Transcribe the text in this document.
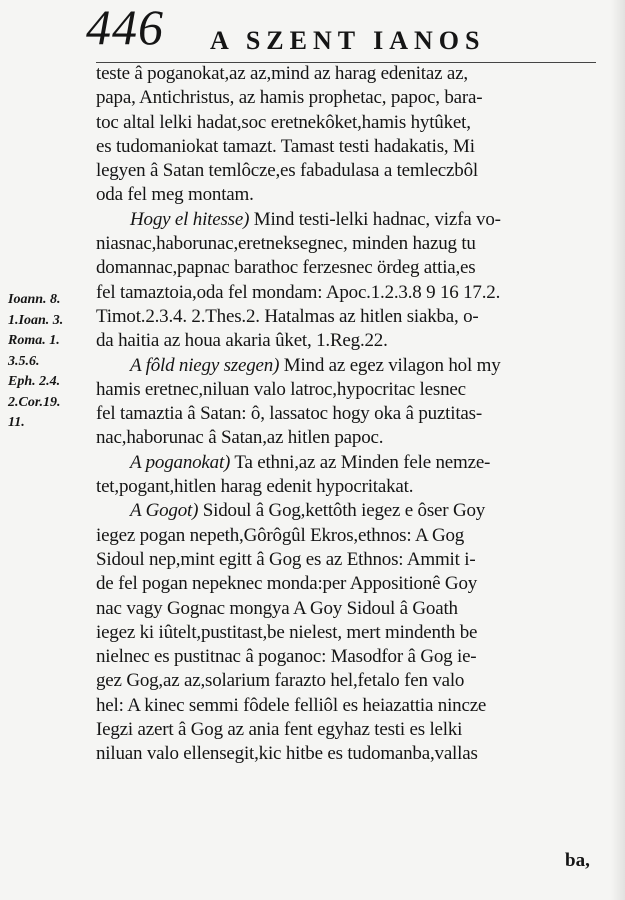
446 A SZENT IANOS
Ioann. 8.
1.Ioan. 3.
Roma. 1.
3.5.6.
Eph. 2.4.
2.Cor.19.
11.
teste â poganokat,az az,mind az harag edenitaz az,
papa, Antichristus, az hamis prophetac, papoc, bara-
toc altal lelki hadat,soc eretnekôket,hamis hytûket,
es tudomaniokat tamazt. Tamast testi hadakatis, Mi
legyen â Satan temlôcze,es fabadulasa a temleczbôl
oda fel meg montam.
Hogy el hitesse) Mind testi-lelki hadnac, vizfa vo-
niasnac,haborunac,eretneksegnec, minden hazug tu
domannac,papnac barathoc ferzesnec ördeg attia,es
fel tamaztoia,oda fel mondam: Apoc.1.2.3.8 9 16 17.2.
Timot.2.3.4. 2.Thes.2. Hatalmas az hitlen siakba, o-
da haitia az houa akaria ûket, 1.Reg.22.
A fôld niegy szegen) Mind az egez vilagon hol my
hamis eretnec,niluan valo latroc,hypocritac lesnec
fel tamaztia â Satan: ô, lassatoc hogy oka â puztitas-
nac,haborunac â Satan,az hitlen papoc.
A poganokat) Ta ethni,az az Minden fele nemze-
tet,pogant,hitlen harag edenit hypocritakat.
A Gogot) Sidoul â Gog,kettôth iegez e ôser Goy
iegez pogan nepeth,Gôrôgûl Ekros,ethnos: A Gog
Sidoul nep,mint egitt â Gog es az Ethnos: Ammit i-
de fel pogan nepeknec monda:per Appositionê Goy
nac vagy Gognac mongya A Goy Sidoul â Goath
iegez ki iûtelt,pustitast,be nielest, mert mindenth be
nielnec es pustitnac â poganoc: Masodfor â Gog ie-
gez Gog,az az,solarium farazto hel,fetalo fen valo
hel: A kinec semmi fôdele felliôl es heiazattia nincze
Iegzi azert â Gog az ania fent egyhaz testi es lelki
niluan valo ellensegit,kic hitbe es tudomanba,vallas
ba,
